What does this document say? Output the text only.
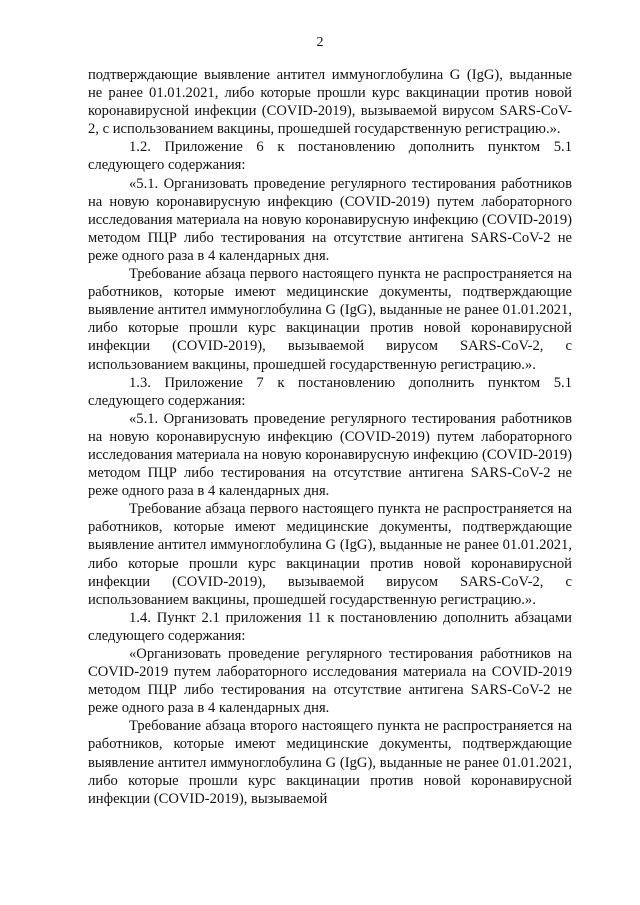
2

подтверждающие выявление антител иммуноглобулина G (IgG), выданные не ранее 01.01.2021, либо которые прошли курс вакцинации против новой коронавирусной инфекции (COVID-2019), вызываемой вирусом SARS-CoV-2, с использованием вакцины, прошедшей государственную регистрацию.».

1.2. Приложение 6 к постановлению дополнить пунктом 5.1 следующего содержания:

«5.1. Организовать проведение регулярного тестирования работников на новую коронавирусную инфекцию (COVID-2019) путем лабораторного исследования материала на новую коронавирусную инфекцию (COVID-2019) методом ПЦР либо тестирования на отсутствие антигена SARS-CoV-2 не реже одного раза в 4 календарных дня.

Требование абзаца первого настоящего пункта не распространяется на работников, которые имеют медицинские документы, подтверждающие выявление антител иммуноглобулина G (IgG), выданные не ранее 01.01.2021, либо которые прошли курс вакцинации против новой коронавирусной инфекции (COVID-2019), вызываемой вирусом SARS-CoV-2, с использованием вакцины, прошедшей государственную регистрацию.».

1.3. Приложение 7 к постановлению дополнить пунктом 5.1 следующего содержания:

«5.1. Организовать проведение регулярного тестирования работников на новую коронавирусную инфекцию (COVID-2019) путем лабораторного исследования материала на новую коронавирусную инфекцию (COVID-2019) методом ПЦР либо тестирования на отсутствие антигена SARS-CoV-2 не реже одного раза в 4 календарных дня.

Требование абзаца первого настоящего пункта не распространяется на работников, которые имеют медицинские документы, подтверждающие выявление антител иммуноглобулина G (IgG), выданные не ранее 01.01.2021, либо которые прошли курс вакцинации против новой коронавирусной инфекции (COVID-2019), вызываемой вирусом SARS-CoV-2, с использованием вакцины, прошедшей государственную регистрацию.».

1.4. Пункт 2.1 приложения 11 к постановлению дополнить абзацами следующего содержания:

«Организовать проведение регулярного тестирования работников на COVID-2019 путем лабораторного исследования материала на COVID-2019 методом ПЦР либо тестирования на отсутствие антигена SARS-CoV-2 не реже одного раза в 4 календарных дня.

Требование абзаца второго настоящего пункта не распространяется на работников, которые имеют медицинские документы, подтверждающие выявление антител иммуноглобулина G (IgG), выданные не ранее 01.01.2021, либо которые прошли курс вакцинации против новой коронавирусной инфекции (COVID-2019), вызываемой
